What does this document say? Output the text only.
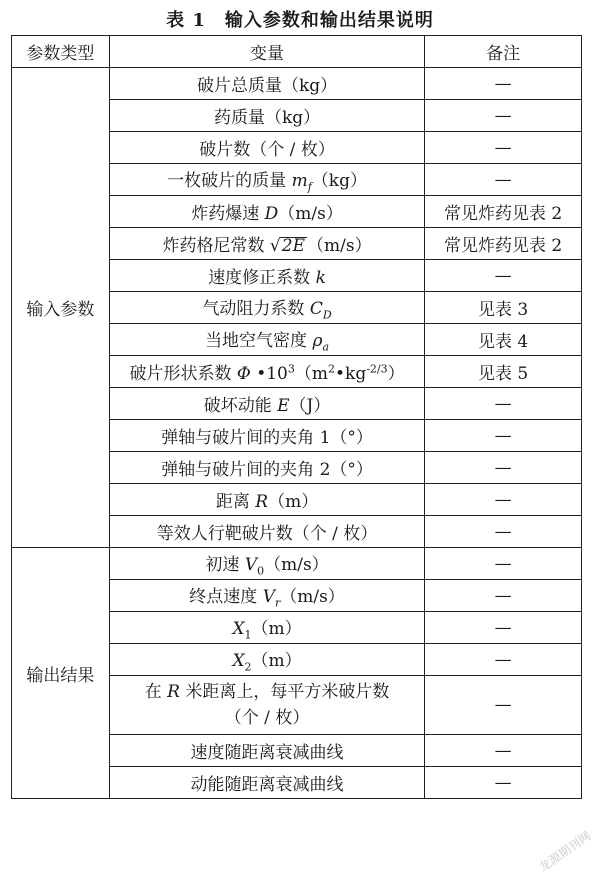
表 1　输入参数和输出结果说明
参数类型	变量	备注
输入参数	破片总质量（kg）	—
	药质量（kg）	—
	破片数（个 / 枚）	—
	一枚破片的质量 $m_f(kg)$	—
	炸药爆速 D（m/s）	常见炸药见表 2
	炸药格尼常数 √2E （m/s）	常见炸药见表 2
	速度修正系数 k	—
	气动阻力系数 $C_D$	见表 3
	当地空气密度 $\rho_a$	见表 4
	破片形状系数 Φ $•10^3(m^2•kg^{-2/3})$	见表 5
	破坏动能 E（J）	—
	弹轴与破片间的夹角 1（°）	—
	弹轴与破片间的夹角 2（°）	—
	距离 R（m）	—
	等效人行靶破片数（个 / 枚）	—
输出结果	初速 $V_0(m/s)$	—
	终点速度 $V_r(m/s)$	—
	$X_1(m)$	—
	$X_2(m)$	—
	在 R 米距离上，每平方米破片数
（个 / 枚）	—
	速度随距离衰减曲线	—
	动能随距离衰减曲线	—
龙源期刊网
